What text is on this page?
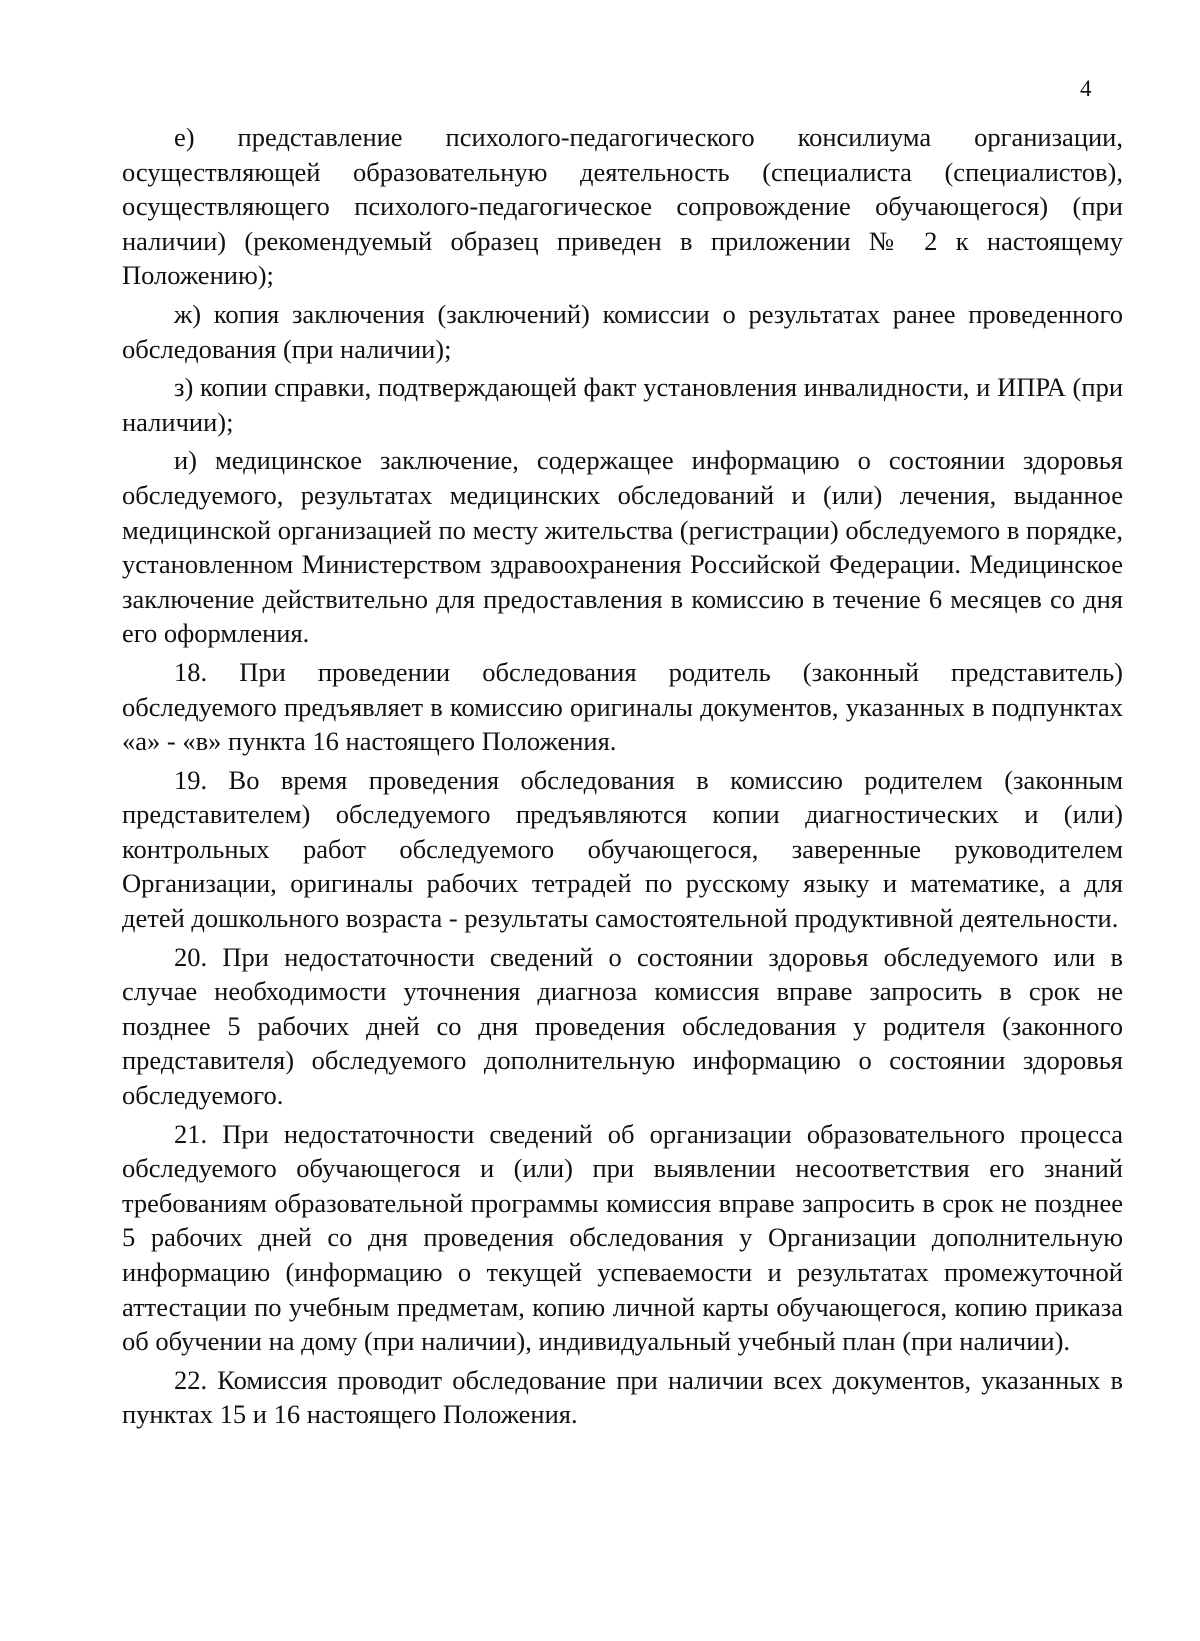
4

е) представление психолого-педагогического консилиума организации, осуществляющей образовательную деятельность (специалиста (специалистов), осуществляющего психолого-педагогическое сопровождение обучающегося) (при наличии) (рекомендуемый образец приведен в приложении № 2 к настоящему Положению);

ж) копия заключения (заключений) комиссии о результатах ранее проведенного обследования (при наличии);

з) копии справки, подтверждающей факт установления инвалидности, и ИПРА (при наличии);

и) медицинское заключение, содержащее информацию о состоянии здоровья обследуемого, результатах медицинских обследований и (или) лечения, выданное медицинской организацией по месту жительства (регистрации) обследуемого в порядке, установленном Министерством здравоохранения Российской Федерации. Медицинское заключение действительно для предоставления в комиссию в течение 6 месяцев со дня его оформления.

18. При проведении обследования родитель (законный представитель) обследуемого предъявляет в комиссию оригиналы документов, указанных в подпунктах «а» - «в» пункта 16 настоящего Положения.

19. Во время проведения обследования в комиссию родителем (законным представителем) обследуемого предъявляются копии диагностических и (или) контрольных работ обследуемого обучающегося, заверенные руководителем Организации, оригиналы рабочих тетрадей по русскому языку и математике, а для детей дошкольного возраста - результаты самостоятельной продуктивной деятельности.

20. При недостаточности сведений о состоянии здоровья обследуемого или в случае необходимости уточнения диагноза комиссия вправе запросить в срок не позднее 5 рабочих дней со дня проведения обследования у родителя (законного представителя) обследуемого дополнительную информацию о состоянии здоровья обследуемого.

21. При недостаточности сведений об организации образовательного процесса обследуемого обучающегося и (или) при выявлении несоответствия его знаний требованиям образовательной программы комиссия вправе запросить в срок не позднее 5 рабочих дней со дня проведения обследования у Организации дополнительную информацию (информацию о текущей успеваемости и результатах промежуточной аттестации по учебным предметам, копию личной карты обучающегося, копию приказа об обучении на дому (при наличии), индивидуальный учебный план (при наличии).

22. Комиссия проводит обследование при наличии всех документов, указанных в пунктах 15 и 16 настоящего Положения.
